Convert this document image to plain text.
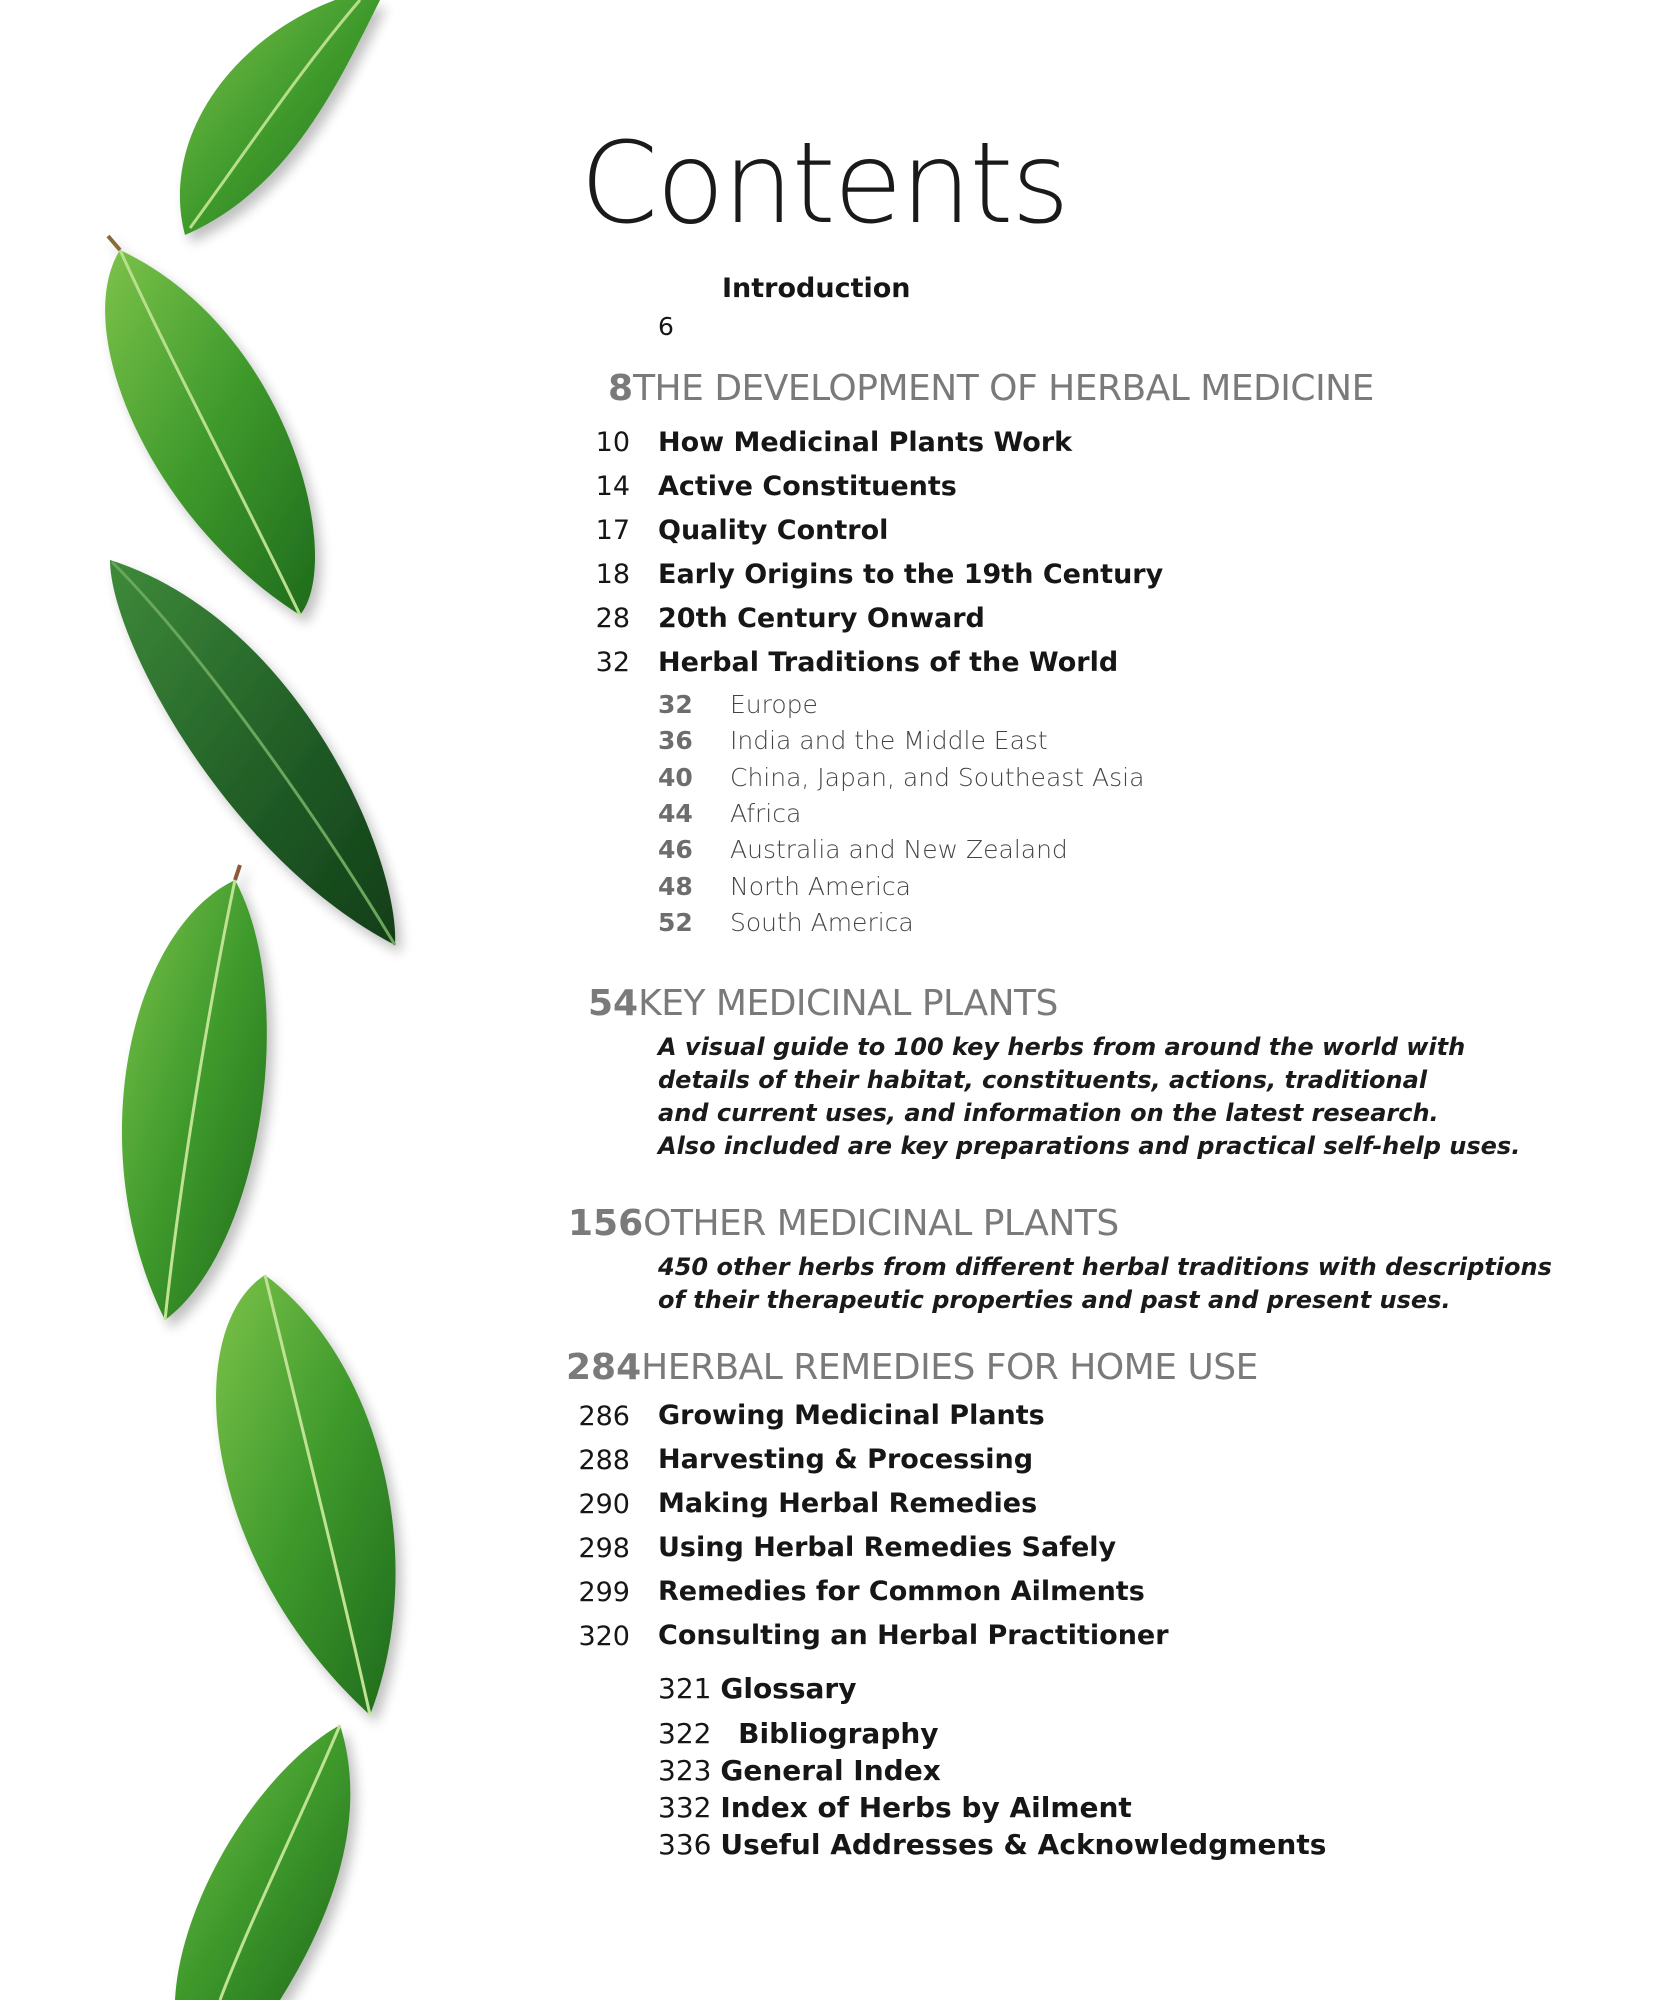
Contents
Introduction
6
8THE DEVELOPMENT OF HERBAL MEDICINE
10 How Medicinal Plants Work
14 Active Constituents
17 Quality Control
18 Early Origins to the 19th Century
28 20th Century Onward
32 Herbal Traditions of the World
32 Europe
36 India and the Middle East
40 China, Japan, and Southeast Asia
44 Africa
46 Australia and New Zealand
48 North America
52 South America
54KEY MEDICINAL PLANTS
A visual guide to 100 key herbs from around the world with
details of their habitat, constituents, actions, traditional
and current uses, and information on the latest research.
Also included are key preparations and practical self-help uses.
156OTHER MEDICINAL PLANTS
450 other herbs from different herbal traditions with descriptions
of their therapeutic properties and past and present uses.
284HERBAL REMEDIES FOR HOME USE
286 Growing Medicinal Plants
288 Harvesting & Processing
290 Making Herbal Remedies
298 Using Herbal Remedies Safely
299 Remedies for Common Ailments
320 Consulting an Herbal Practitioner
321 Glossary
322 Bibliography
323 General Index
332 Index of Herbs by Ailment
336 Useful Addresses & Acknowledgments
